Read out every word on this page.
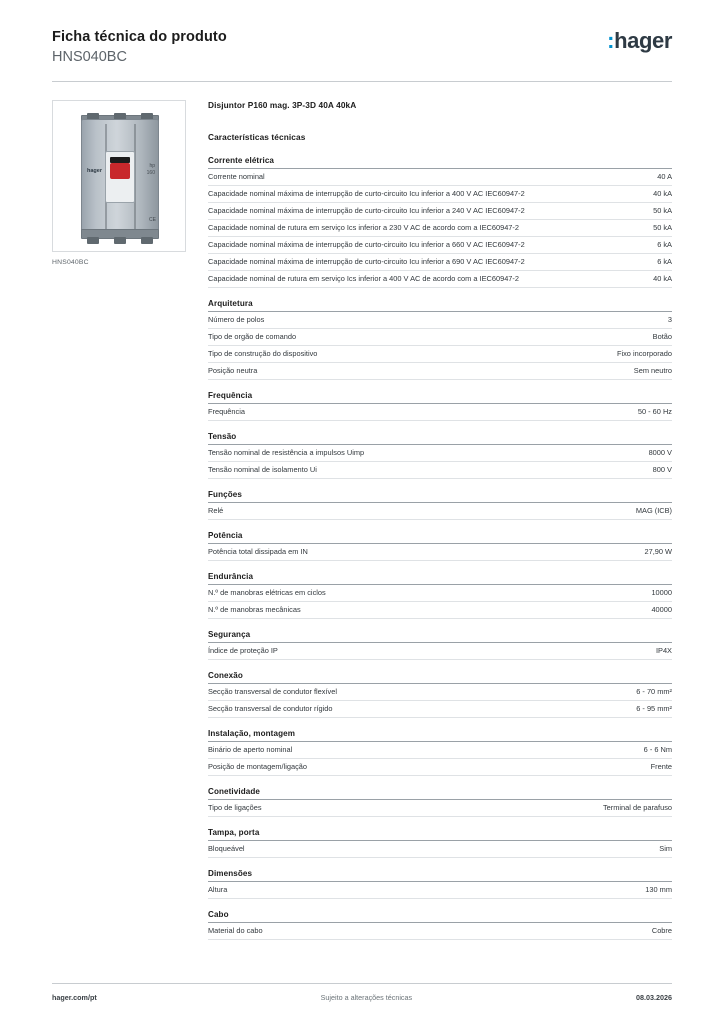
Ficha técnica do produto
HNS040BC
:hager
hager
hp
160
CE
HNS040BC
Disjuntor P160 mag. 3P-3D 40A 40kA
Características técnicas
Corrente elétrica
Corrente nominal	40 A
Capacidade nominal máxima de interrupção de curto-circuito Icu inferior a 400 V AC IEC60947-2	40 kA
Capacidade nominal máxima de interrupção de curto-circuito Icu inferior a 240 V AC IEC60947-2	50 kA
Capacidade nominal de rutura em serviço Ics inferior a 230 V AC de acordo com a IEC60947-2	50 kA
Capacidade nominal máxima de interrupção de curto-circuito Icu inferior a 660 V AC IEC60947-2	6 kA
Capacidade nominal máxima de interrupção de curto-circuito Icu inferior a 690 V AC IEC60947-2	6 kA
Capacidade nominal de rutura em serviço Ics inferior a 400 V AC de acordo com a IEC60947-2	40 kA
Arquitetura
Número de polos	3
Tipo de orgão de comando	Botão
Tipo de construção do dispositivo	Fixo incorporado
Posição neutra	Sem neutro
Frequência
Frequência	50 - 60 Hz
Tensão
Tensão nominal de resistência a impulsos Uimp	8000 V
Tensão nominal de isolamento Ui	800 V
Funções
Relé	MAG (ICB)
Potência
Potência total dissipada em IN	27,90 W
Endurância
N.º de manobras elétricas em ciclos	10000
N.º de manobras mecânicas	40000
Segurança
Índice de proteção IP	IP4X
Conexão
Secção transversal de condutor flexível	6 - 70 mm²
Secção transversal de condutor rígido	6 - 95 mm²
Instalação, montagem
Binário de aperto nominal	6 - 6 Nm
Posição de montagem/ligação	Frente
Conetividade
Tipo de ligações	Terminal de parafuso
Tampa, porta
Bloqueável	Sim
Dimensões
Altura	130 mm
Cabo
Material do cabo	Cobre
hager.com/pt	Sujeito a alterações técnicas	08.03.2026
